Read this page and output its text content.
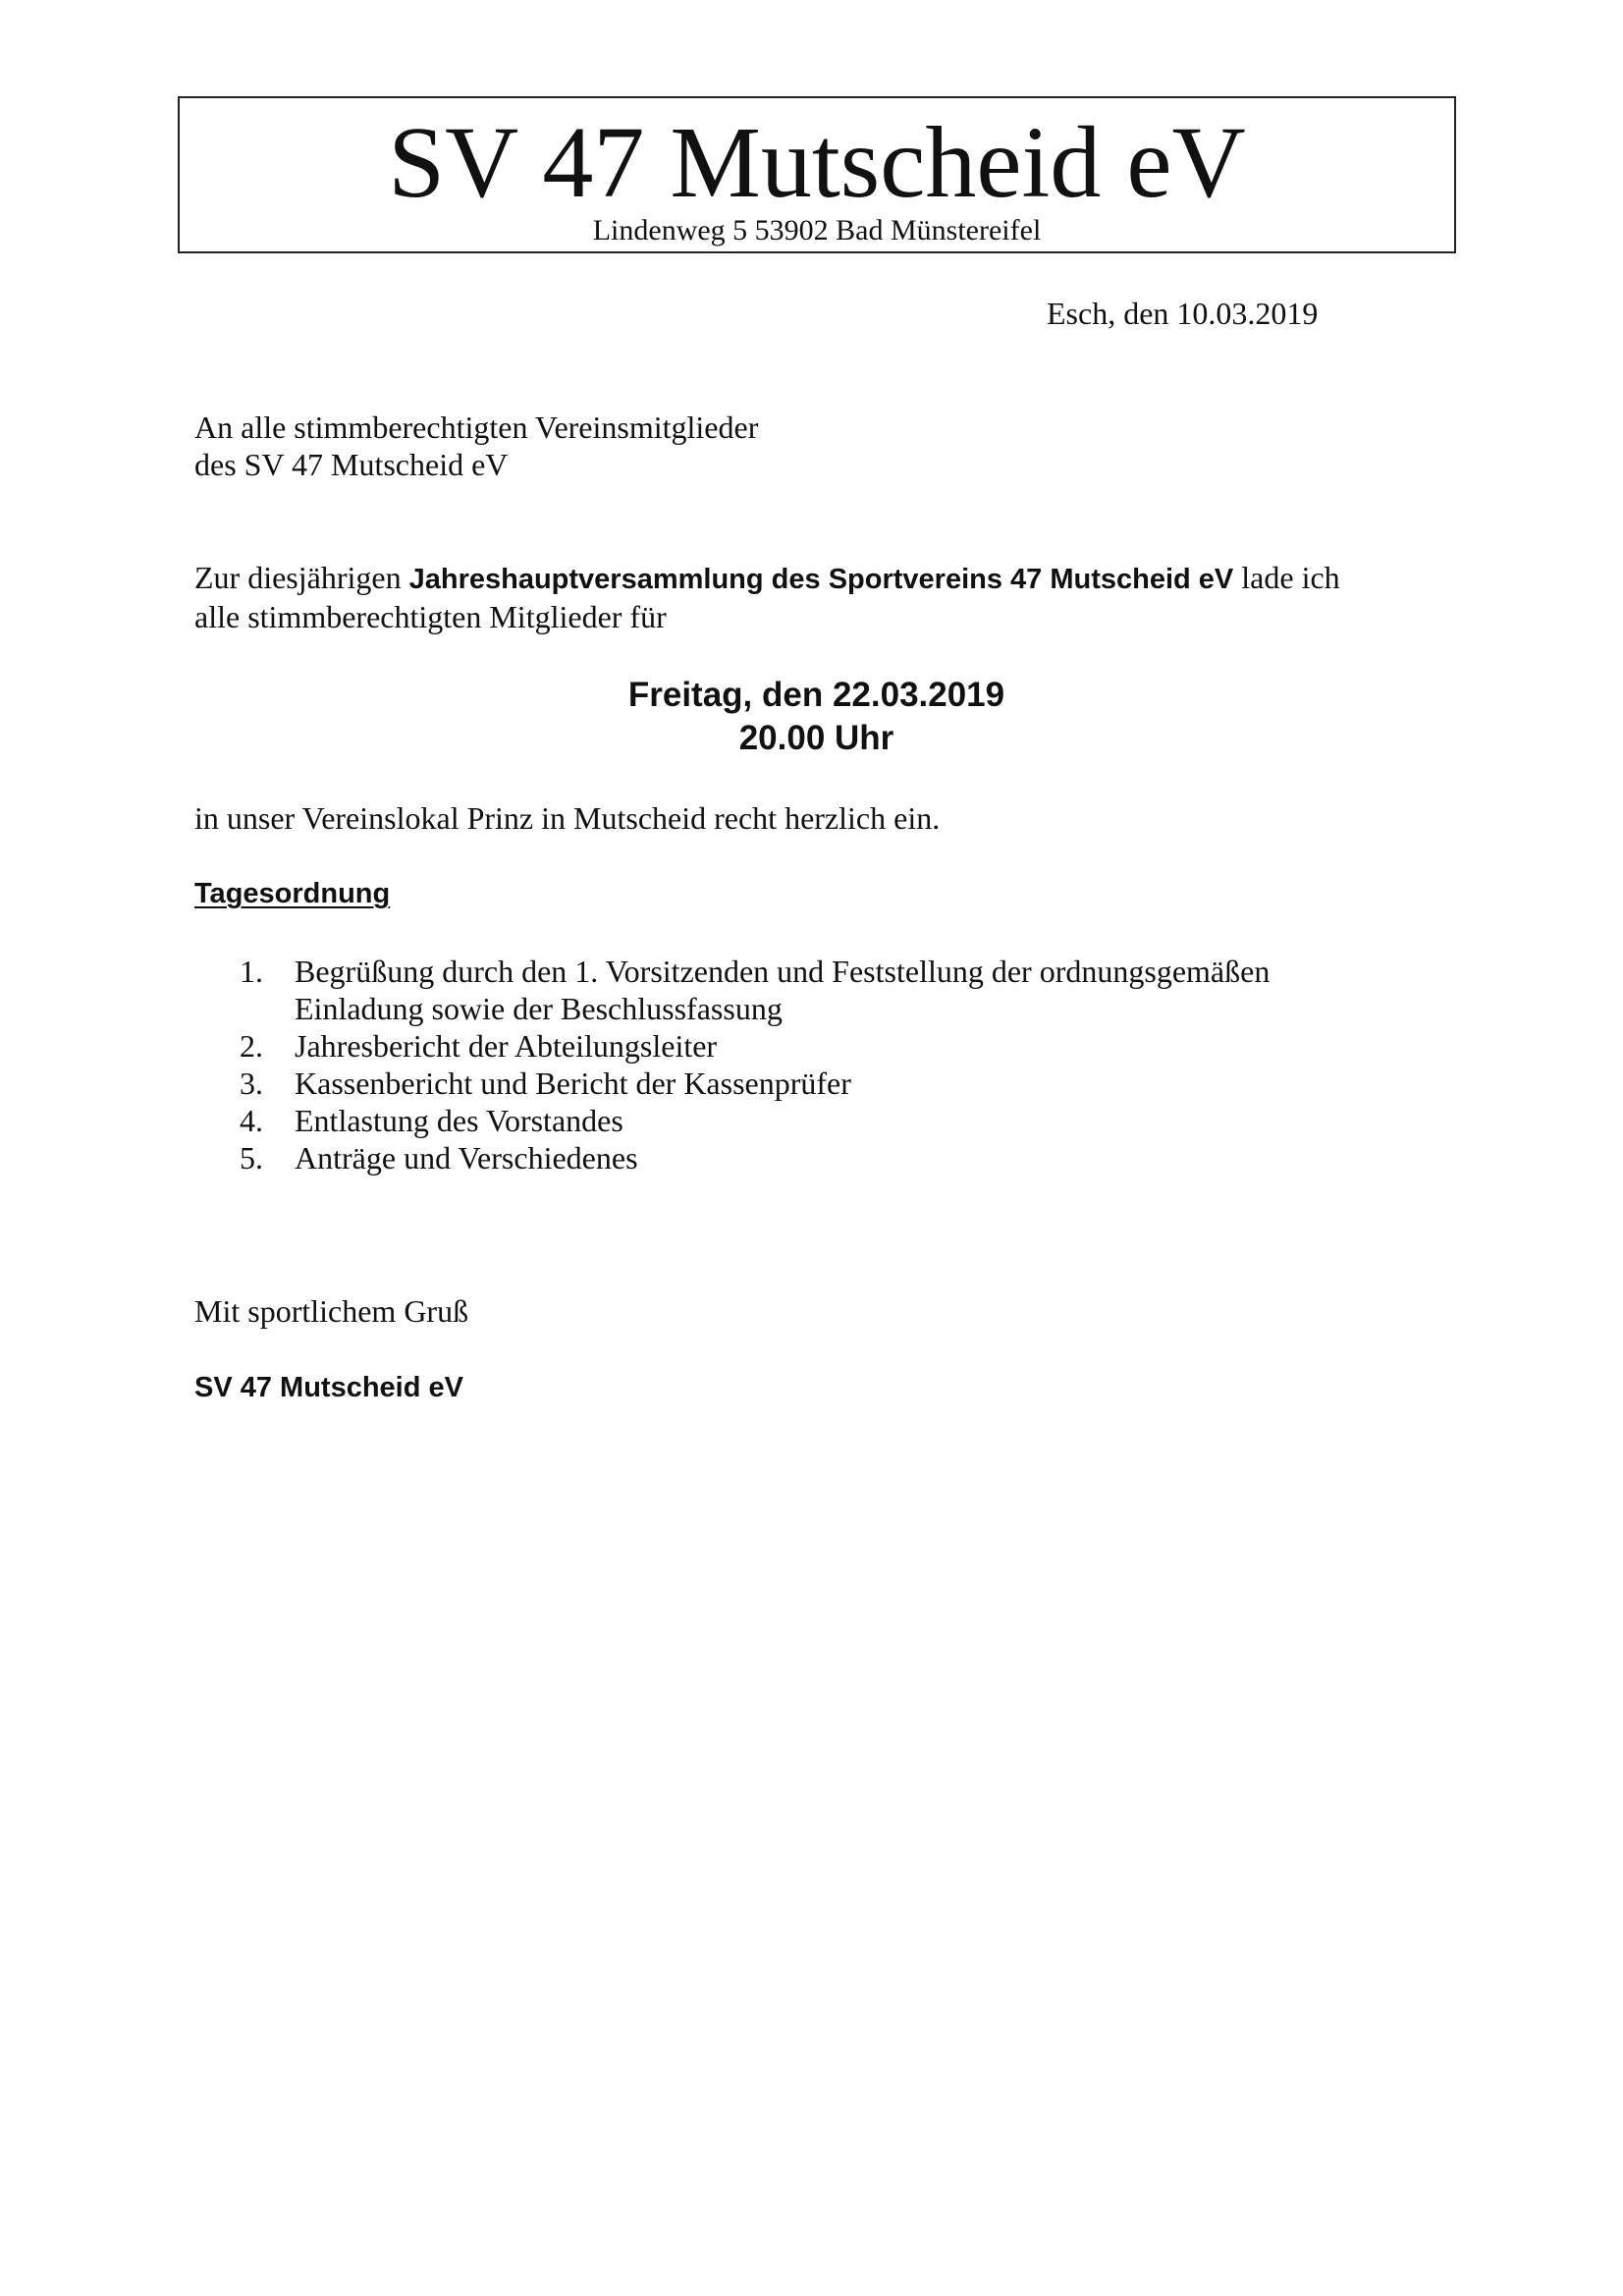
SV 47 Mutscheid eV
Lindenweg 5 53902 Bad Münstereifel
Esch, den 10.03.2019
An alle stimmberechtigten Vereinsmitglieder
des SV 47 Mutscheid eV
Zur diesjährigen Jahreshauptversammlung des Sportvereins 47 Mutscheid eV lade ich
alle stimmberechtigten Mitglieder für
Freitag, den 22.03.2019
20.00 Uhr
in unser Vereinslokal Prinz in Mutscheid recht herzlich ein.
Tagesordnung
1. Begrüßung durch den 1. Vorsitzenden und Feststellung der ordnungsgemäßen
Einladung sowie der Beschlussfassung
2. Jahresbericht der Abteilungsleiter
3. Kassenbericht und Bericht der Kassenprüfer
4. Entlastung des Vorstandes
5. Anträge und Verschiedenes
Mit sportlichem Gruß
SV 47 Mutscheid eV
